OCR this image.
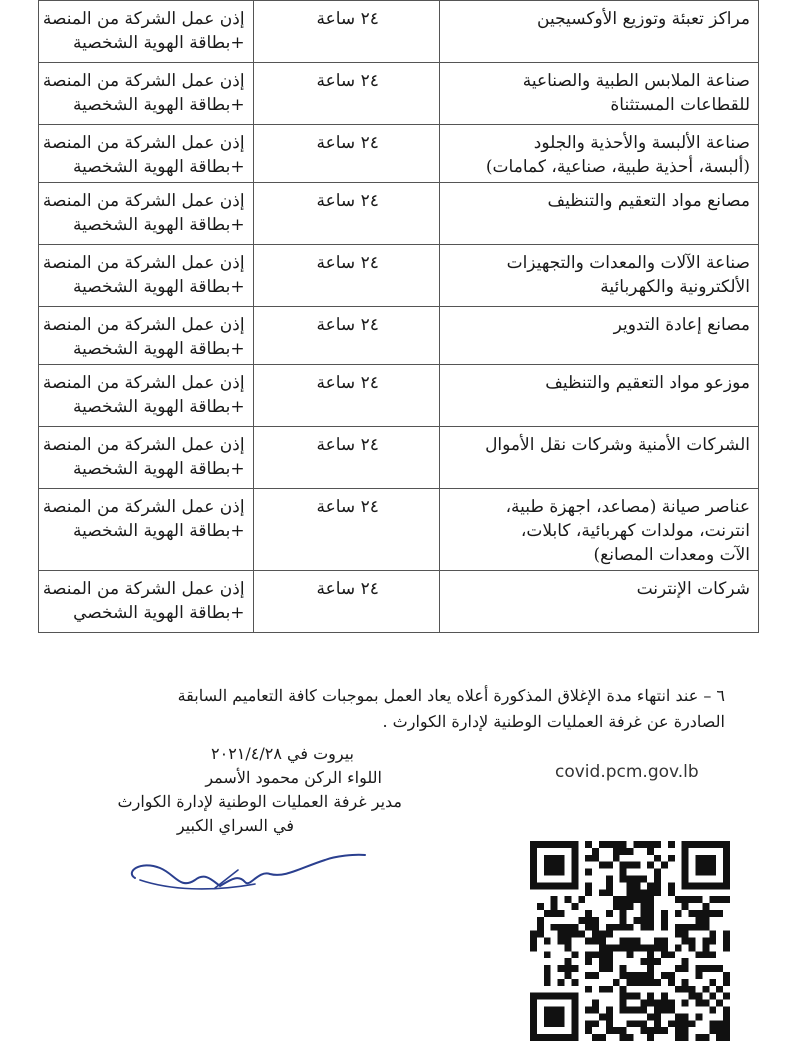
مراكز تعبئة وتوزيع الأوكسيجين	٢٤ ساعة	إذن عمل الشركة من المنصة
+بطاقة الهوية الشخصية

صناعة الملابس الطبية والصناعية
للقطاعات المستثناة	٢٤ ساعة	إذن عمل الشركة من المنصة
+بطاقة الهوية الشخصية

صناعة الألبسة والأحذية والجلود
(ألبسة، أحذية طبية، صناعية، كمامات)	٢٤ ساعة	إذن عمل الشركة من المنصة
+بطاقة الهوية الشخصية

مصانع مواد التعقيم والتنظيف	٢٤ ساعة	إذن عمل الشركة من المنصة
+بطاقة الهوية الشخصية

صناعة الآلات والمعدات والتجهيزات
الألكترونية والكهربائية	٢٤ ساعة	إذن عمل الشركة من المنصة
+بطاقة الهوية الشخصية

مصانع إعادة التدوير	٢٤ ساعة	إذن عمل الشركة من المنصة
+بطاقة الهوية الشخصية

موزعو مواد التعقيم والتنظيف	٢٤ ساعة	إذن عمل الشركة من المنصة
+بطاقة الهوية الشخصية

الشركات الأمنية وشركات نقل الأموال	٢٤ ساعة	إذن عمل الشركة من المنصة
+بطاقة الهوية الشخصية

عناصر صيانة (مصاعد، اجهزة طبية،
انترنت، مولدات كهربائية، كابلات،
الآت ومعدات المصانع)	٢٤ ساعة	إذن عمل الشركة من المنصة
+بطاقة الهوية الشخصية

شركات الإنترنت	٢٤ ساعة	إذن عمل الشركة من المنصة
+بطاقة الهوية الشخصي
٦ – عند انتهاء مدة الإغلاق المذكورة أعلاه يعاد العمل بموجبات كافة التعاميم السابقة
الصادرة عن غرفة العمليات الوطنية لإدارة الكوارث .
covid.pcm.gov.lb
بيروت في ٢٠٢١/٤/٢٨
اللواء الركن محمود الأسمر
مدير غرفة العمليات الوطنية لإدارة الكوارث
في السراي الكبير
